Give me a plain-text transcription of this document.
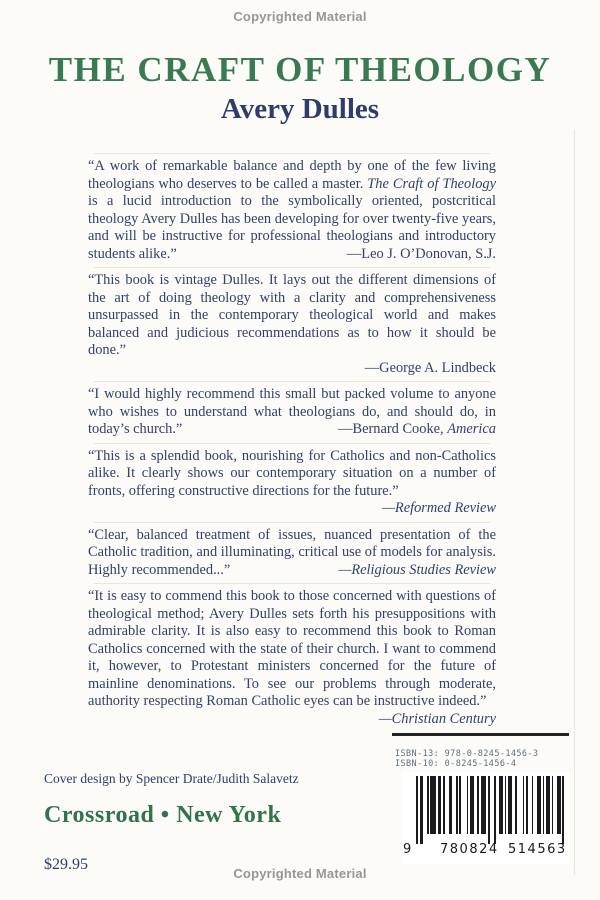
Copyrighted Material
THE CRAFT OF THEOLOGY
Avery Dulles
“A work of remarkable balance and depth by one of the few living theologians who deserves to be called a master. The Craft of Theology is a lucid introduction to the symbolically oriented, postcritical theology Avery Dulles has been developing for over twenty-five years, and will be instructive for professional theologians and introductory students alike.”	—Leo J. O’Donovan, S.J.
“This book is vintage Dulles. It lays out the different dimensions of the art of doing theology with a clarity and comprehensiveness unsurpassed in the contemporary theological world and makes balanced and judicious recommendations as to how it should be done.”
—George A. Lindbeck
“I would highly recommend this small but packed volume to anyone who wishes to understand what theologians do, and should do, in today’s church.”	—Bernard Cooke, America
“This is a splendid book, nourishing for Catholics and non-Catholics alike. It clearly shows our contemporary situation on a number of fronts, offering constructive directions for the future.”
—Reformed Review
“Clear, balanced treatment of issues, nuanced presentation of the Catholic tradition, and illuminating, critical use of models for analysis. Highly recommended...”	—Religious Studies Review
“It is easy to commend this book to those concerned with questions of theological method; Avery Dulles sets forth his presuppositions with admirable clarity. It is also easy to recommend this book to Roman Catholics concerned with the state of their church. I want to commend it, however, to Protestant ministers concerned for the future of mainline denominations. To see our problems through moderate, authority respecting Roman Catholic eyes can be instructive indeed.”
—Christian Century
ISBN-13: 978-0-8245-1456-3
ISBN-10: 0-8245-1456-4
9 780824 514563
Cover design by Spencer Drate/Judith Salavetz
Crossroad • New York
$29.95
Copyrighted Material
